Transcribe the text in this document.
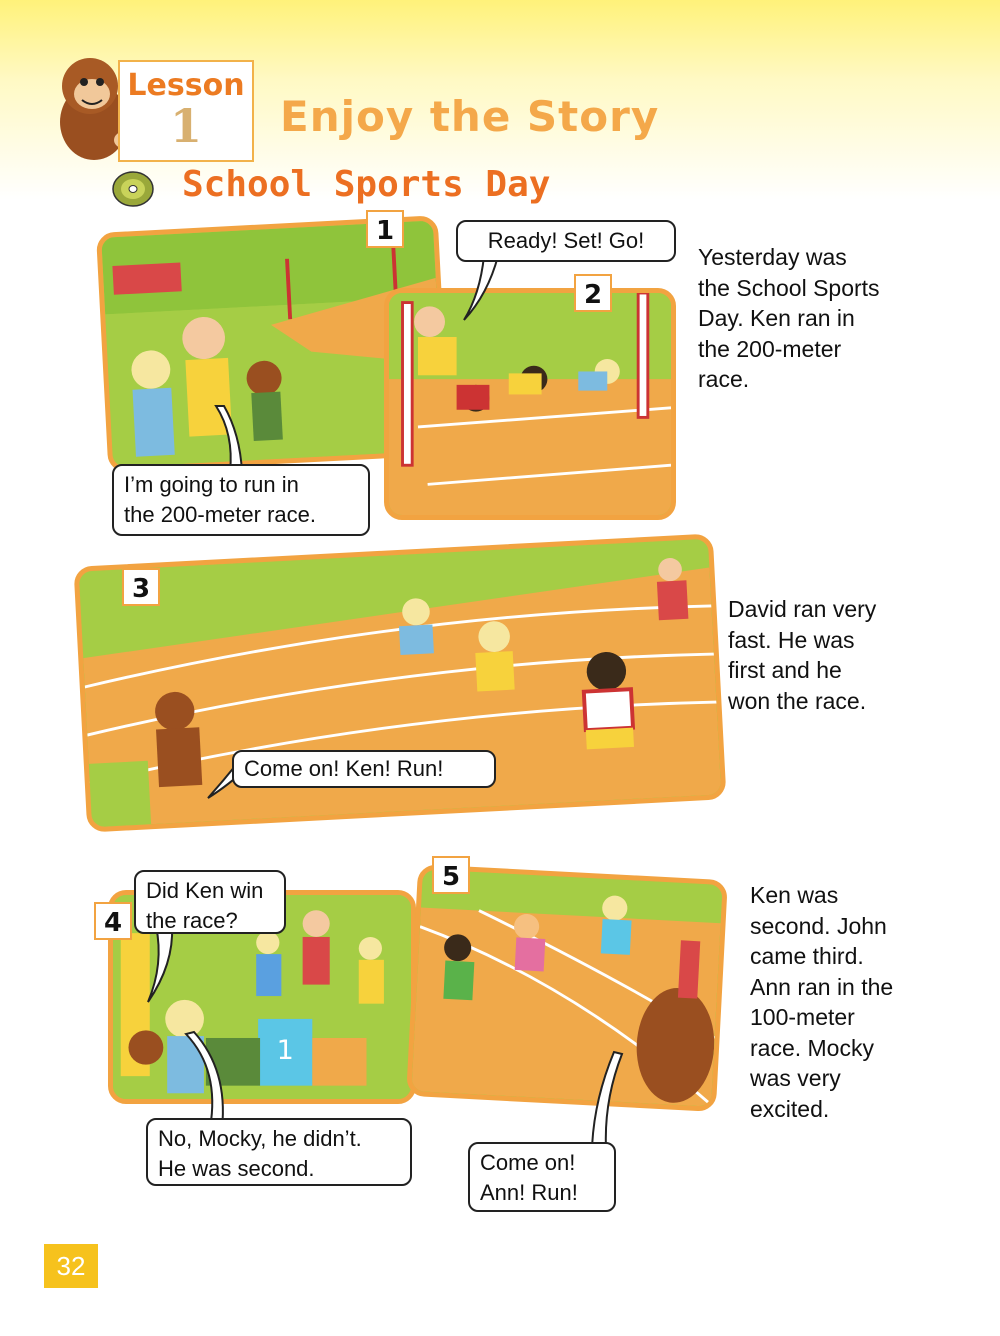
Lesson
1	Enjoy the Story
School Sports Day
1
2
Ready! Set! Go!
I’m going to run in
the 200-meter race.
Yesterday was
the School Sports
Day. Ken ran in
the 200-meter
race.
3
Come on! Ken! Run!
David ran very
fast. He was
first and he
won the race.
1
4
Did Ken win
the race?
No, Mocky, he didn’t.
He was second.
5
Come on!
Ann! Run!
Ken was
second. John
came third.
Ann ran in the
100-meter
race. Mocky
was very
excited.
32
